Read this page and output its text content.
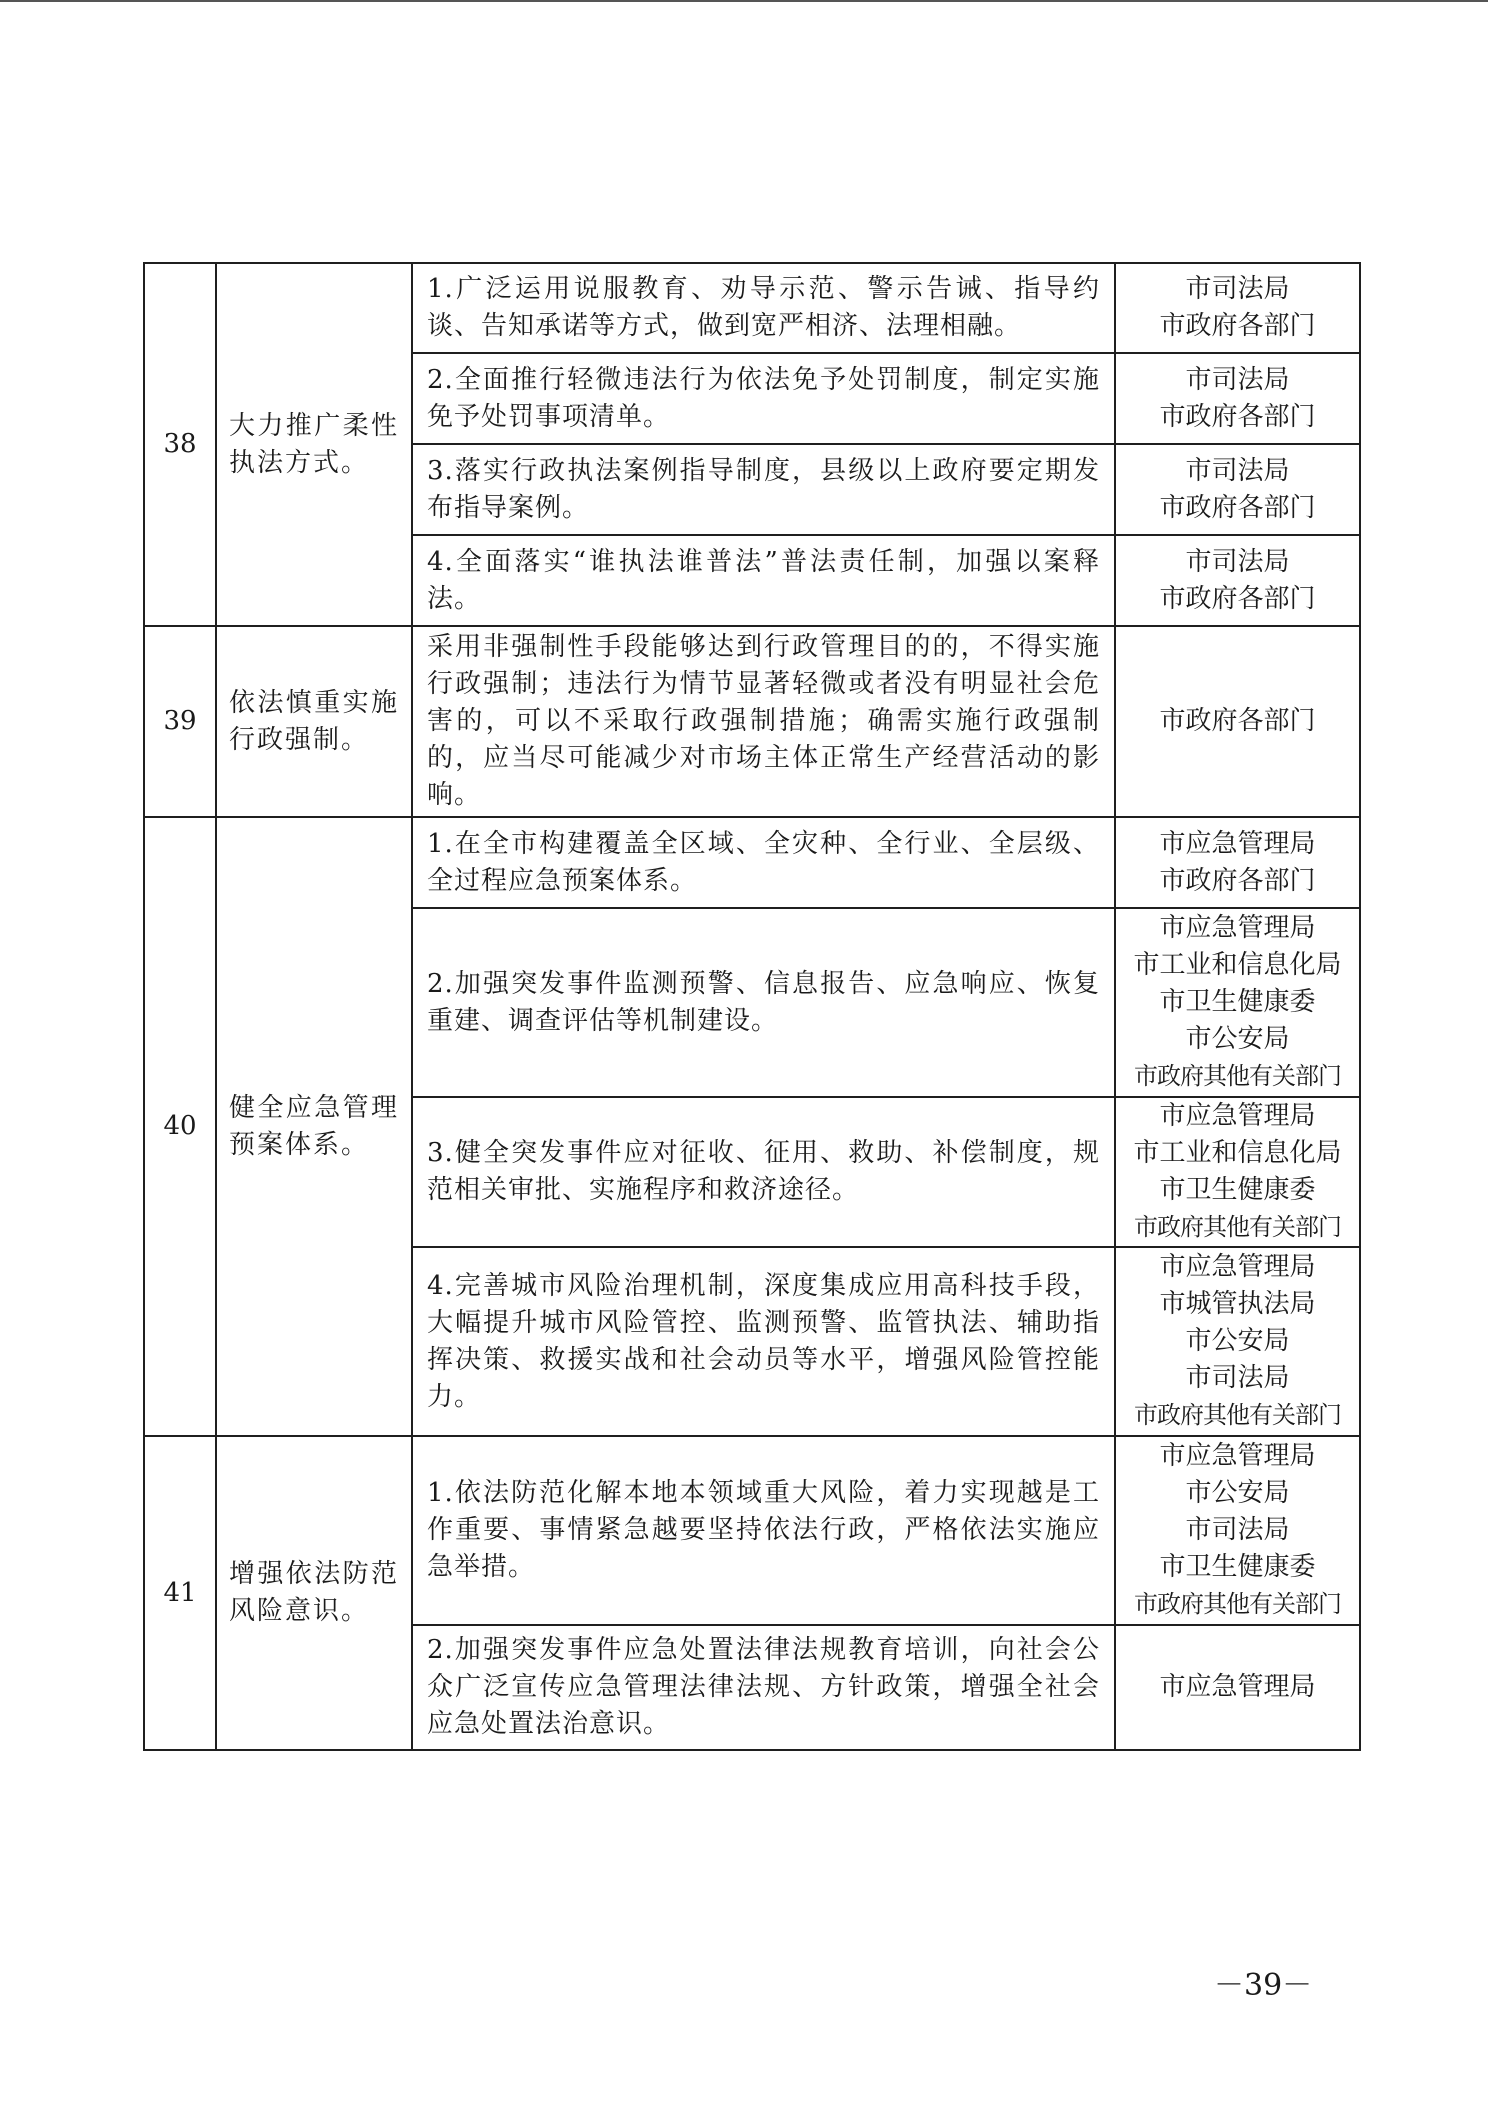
38	大力推广柔性执法方式。	1.广泛运用说服教育、劝导示范、警示告诫、指导约谈、告知承诺等方式，做到宽严相济、法理相融。	市司法局
市政府各部门

		2.全面推行轻微违法行为依法免予处罚制度，制定实施免予处罚事项清单。	市司法局
市政府各部门

		3.落实行政执法案例指导制度，县级以上政府要定期发布指导案例。	市司法局
市政府各部门

		4.全面落实“谁执法谁普法”普法责任制，加强以案释法。	市司法局
市政府各部门

39	依法慎重实施行政强制。	采用非强制性手段能够达到行政管理目的的，不得实施行政强制；违法行为情节显著轻微或者没有明显社会危害的，可以不采取行政强制措施；确需实施行政强制的，应当尽可能减少对市场主体正常生产经营活动的影响。	市政府各部门

40	健全应急管理预案体系。	1.在全市构建覆盖全区域、全灾种、全行业、全层级、全过程应急预案体系。	市应急管理局
市政府各部门

		2.加强突发事件监测预警、信息报告、应急响应、恢复重建、调查评估等机制建设。	市应急管理局
市工业和信息化局
市卫生健康委
市公安局
市政府其他有关部门

		3.健全突发事件应对征收、征用、救助、补偿制度，规范相关审批、实施程序和救济途径。	市应急管理局
市工业和信息化局
市卫生健康委
市政府其他有关部门

		4.完善城市风险治理机制，深度集成应用高科技手段，大幅提升城市风险管控、监测预警、监管执法、辅助指挥决策、救援实战和社会动员等水平，增强风险管控能力。	市应急管理局
市城管执法局
市公安局
市司法局
市政府其他有关部门

41	增强依法防范风险意识。	1.依法防范化解本地本领域重大风险，着力实现越是工作重要、事情紧急越要坚持依法行政，严格依法实施应急举措。	市应急管理局
市公安局
市司法局
市卫生健康委
市政府其他有关部门

		2.加强突发事件应急处置法律法规教育培训，向社会公众广泛宣传应急管理法律法规、方针政策，增强全社会应急处置法治意识。	市应急管理局
－39－
